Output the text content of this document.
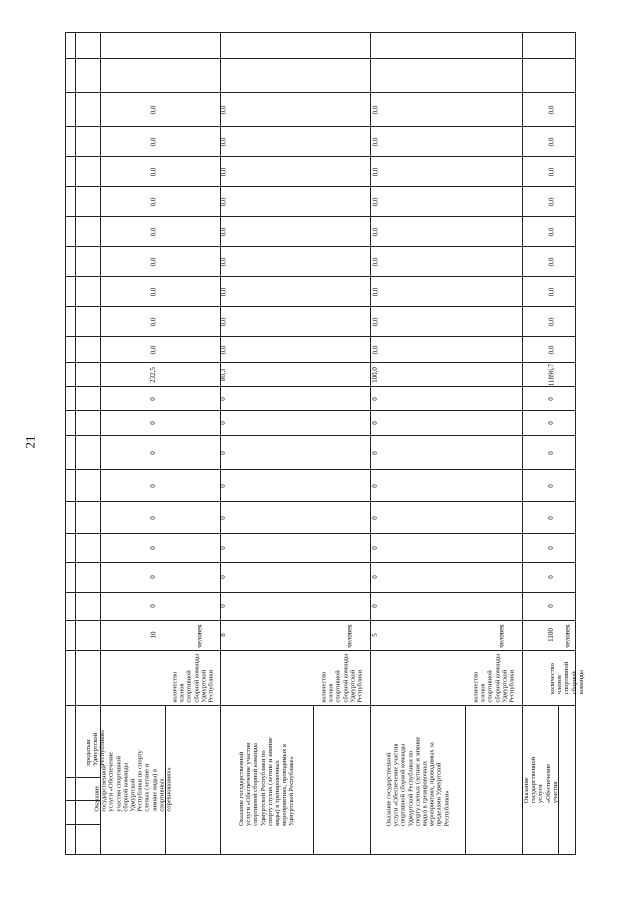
21
предатыи Удмуртской Республики»
Оказание государственной услуги «Обеспечение участия спортивной сборной команды Удмуртской Республики по спорту слепых (летние и зимние виды) в спортивных соревнованиях»
количество членов спортивной сборной команды Удмуртской Республики
человек
Оказание государственной услуги «Обеспечение участия спортивной сборной команды Удмуртской Республики по спорту глухих (летние и зимние виды) в тренировочных мероприятиях, проводимых в Удмуртской Республике»
количество членов спортивной сборной команды Удмуртской Республики
человек
Оказание государственной услуги «Обеспечение участия спортивной сборной команды Удмуртской Республики по спорту слепых (летние и зимние виды) в тренировочных мероприятиях, проводимых за пределами Удмуртской Республики»
количество членов спортивной сборной команды Удмуртской Республики
человек
Оказание государственной услуги «Обеспечение участия
количество членов спортивной сборной команды
человек
10
0
0
0
0
0
0
0
0
232,5
0,0
0,0
0,0
0,0
0,0
0,0
0,0
0,0
0,0
8
0
0
0
0
0
0
0
0
80,3
0,0
0,0
0,0
0,0
0,0
0,0
0,0
0,0
0,0
5
0
0
0
0
0
0
0
0
100,0
0,0
0,0
0,0
0,0
0,0
0,0
0,0
0,0
0,0
1100
0
0
0
0
0
0
0
0
11896,7
0,0
0,0
0,0
0,0
0,0
0,0
0,0
0,0
0,0
